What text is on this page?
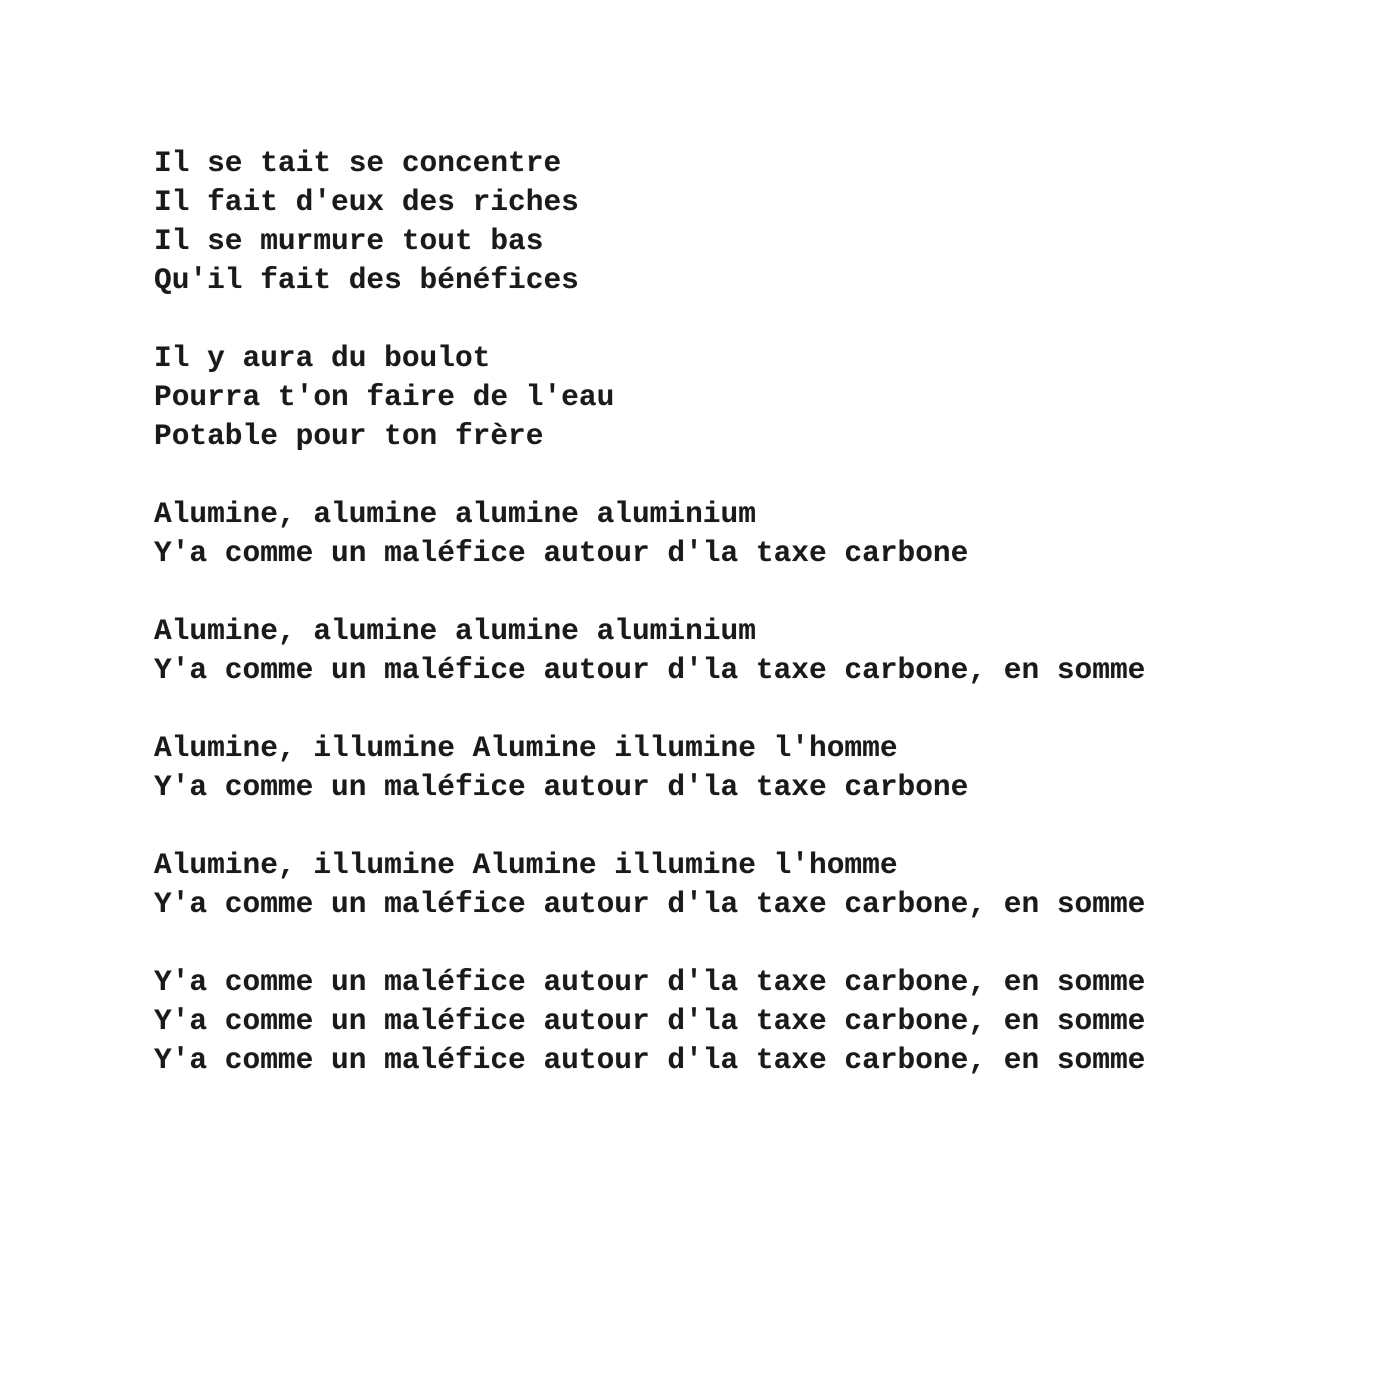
Il se tait se concentre
Il fait d'eux des riches
Il se murmure tout bas
Qu'il fait des bénéfices
Il y aura du boulot
Pourra t'on faire de l'eau
Potable pour ton frère
Alumine, alumine alumine aluminium
Y'a comme un maléfice autour d'la taxe carbone
Alumine, alumine alumine aluminium
Y'a comme un maléfice autour d'la taxe carbone, en somme
Alumine, illumine Alumine illumine l'homme
Y'a comme un maléfice autour d'la taxe carbone
Alumine, illumine Alumine illumine l'homme
Y'a comme un maléfice autour d'la taxe carbone, en somme
Y'a comme un maléfice autour d'la taxe carbone, en somme
Y'a comme un maléfice autour d'la taxe carbone, en somme
Y'a comme un maléfice autour d'la taxe carbone, en somme
